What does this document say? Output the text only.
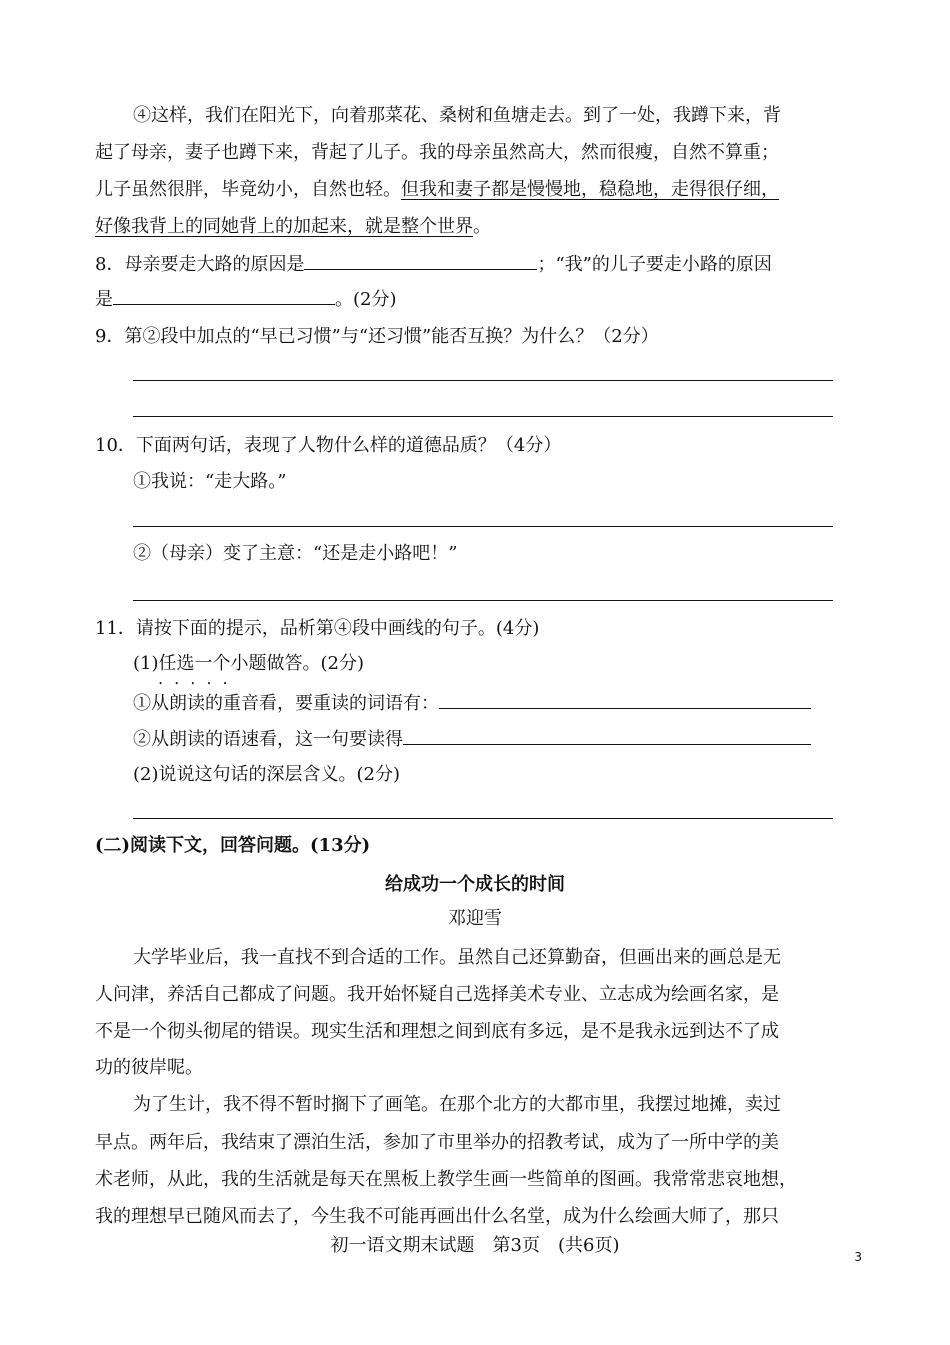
④这样，我们在阳光下，向着那菜花、桑树和鱼塘走去。到了一处，我蹲下来，背
起了母亲，妻子也蹲下来，背起了儿子。我的母亲虽然高大，然而很瘦，自然不算重；
儿子虽然很胖，毕竟幼小，自然也轻。但我和妻子都是慢慢地，稳稳地，走得很仔细，
好像我背上的同她背上的加起来，就是整个世界。
8．母亲要走大路的原因是	；“我”的儿子要走小路的原因
是	。(2分)
9．第②段中加点的“早已习惯”与“还习惯”能否互换？为什么？（2分）
10．下面两句话，表现了人物什么样的道德品质？（4分）
①我说：“走大路。”
②（母亲）变了主意：“还是走小路吧！”
11．请按下面的提示，品析第④段中画线的句子。(4分)
(1)任选一个 •••••小题做答。(2分)
①从朗读的重音看，要重读的词语有：
②从朗读的语速看，这一句要读得
(2)说说这句话的深层含义。(2分)
(二)阅读下文，回答问题。(13分)
给成功一个成长的时间
邓迎雪
大学毕业后，我一直找不到合适的工作。虽然自己还算勤奋，但画出来的画总是无
人问津，养活自己都成了问题。我开始怀疑自己选择美术专业、立志成为绘画名家，是
不是一个彻头彻尾的错误。现实生活和理想之间到底有多远，是不是我永远到达不了成
功的彼岸呢。
为了生计，我不得不暂时搁下了画笔。在那个北方的大都市里，我摆过地摊，卖过
早点。两年后，我结束了漂泊生活，参加了市里举办的招教考试，成为了一所中学的美
术老师，从此，我的生活就是每天在黑板上教学生画一些简单的图画。我常常悲哀地想，
我的理想早已随风而去了，今生我不可能再画出什么名堂，成为什么绘画大师了，那只
初一语文期末试题　第3页　(共6页)
3
